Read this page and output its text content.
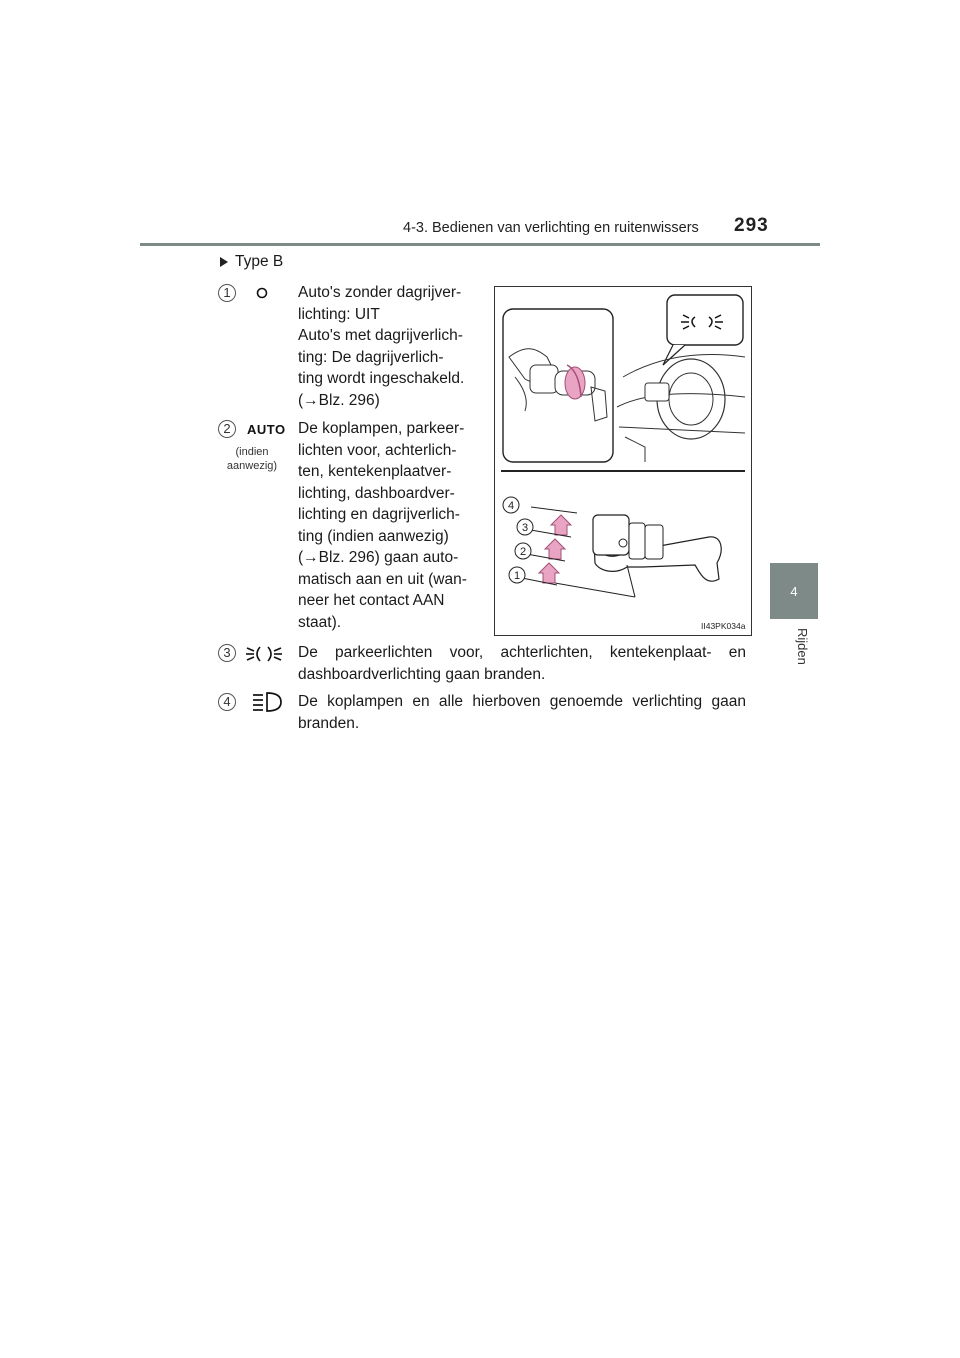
4-3. Bedienen van verlichting en ruitenwissers 293
4
Rijden
Type B
1	Auto's zonder dagrijver-
lichting: UIT
Auto's met dagrijverlich-
ting: De dagrijverlich-
ting wordt ingeschakeld.
(→Blz. 296)
2 AUTO
(indien
aanwezig)
De koplampen, parkeer-
lichten voor, achterlich-
ten, kentekenplaatver-
lichting, dashboardver-
lichting en dagrijverlich-
ting (indien aanwezig)
(→Blz. 296) gaan auto-
matisch aan en uit (wan-
neer het contact AAN
staat).
4
3
2
1
II43PK034a
3	De parkeerlichten voor, achterlichten, kentekenplaat- en
dashboardverlichting gaan branden.
4	De koplampen en alle hierboven genoemde verlichting gaan
branden.
